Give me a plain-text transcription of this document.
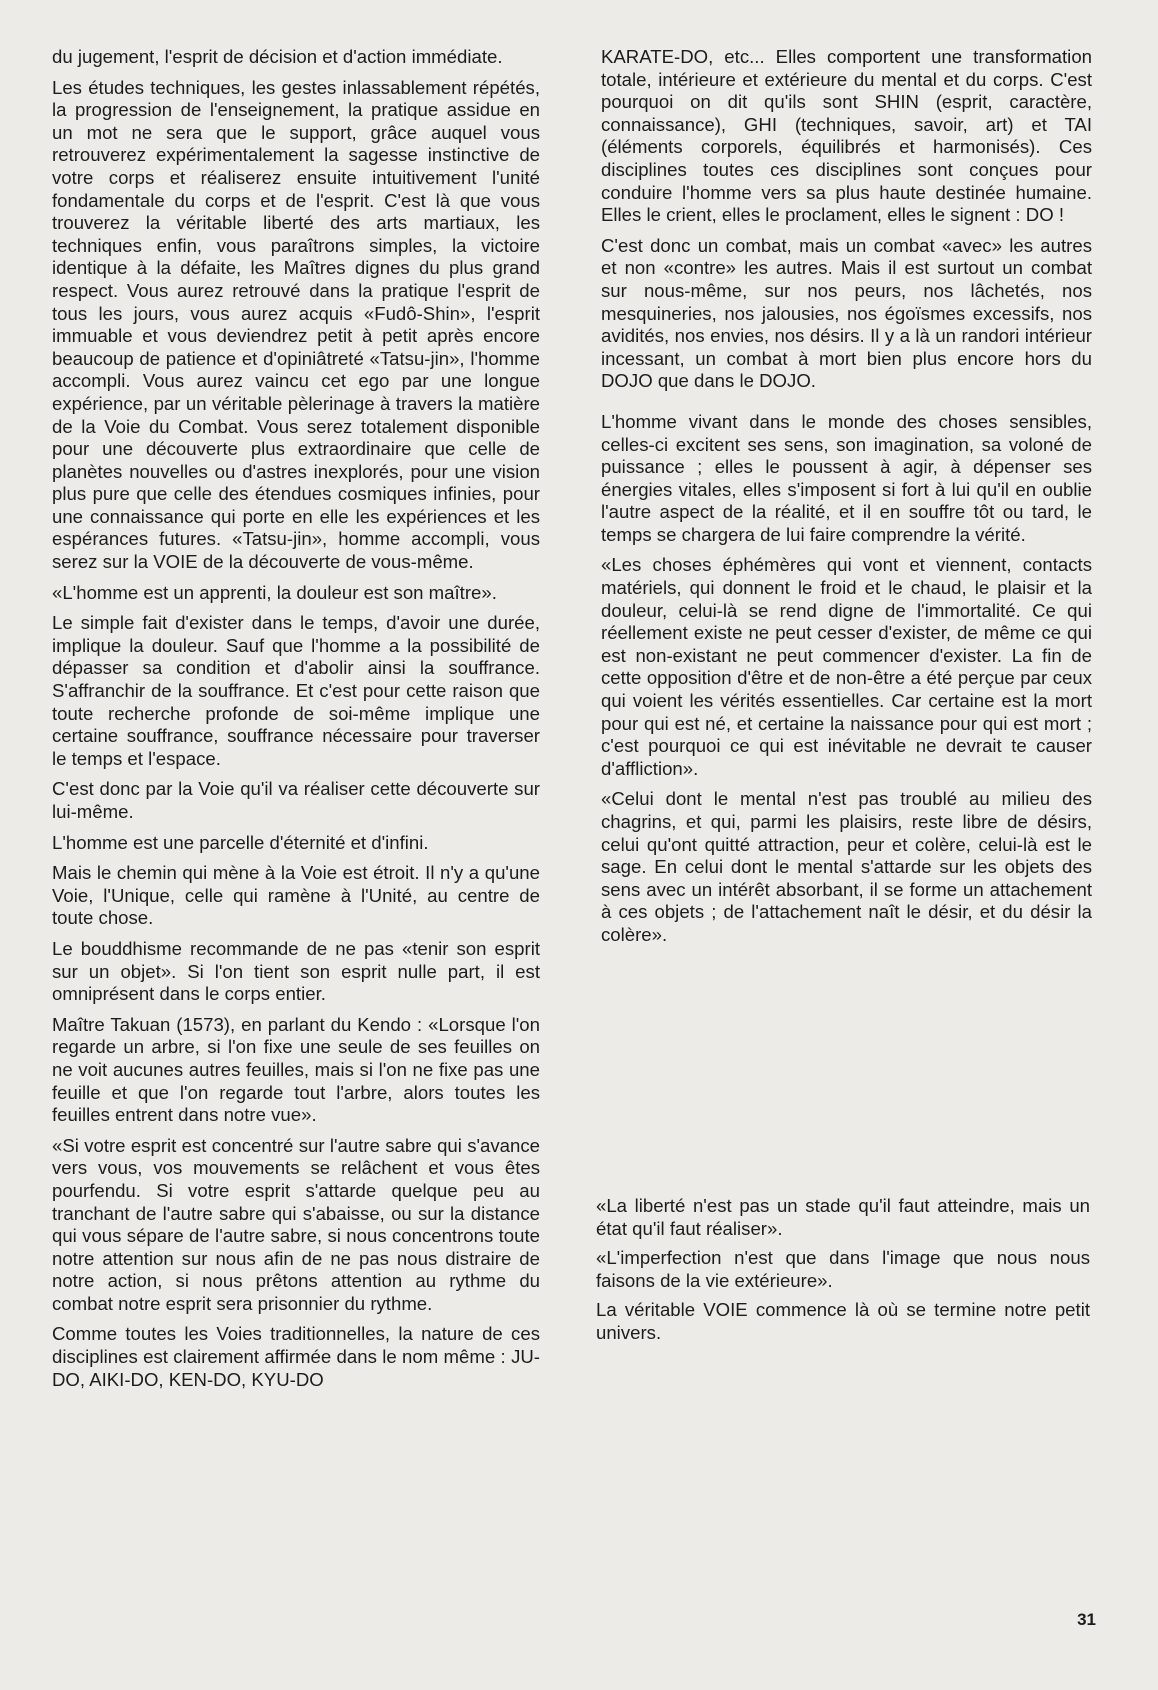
du jugement, l'esprit de décision et d'action immédiate.

Les études techniques, les gestes inlassablement répétés, la progression de l'enseignement, la pratique assidue en un mot ne sera que le support, grâce auquel vous retrouverez expérimentalement la sagesse instinctive de votre corps et réaliserez ensuite intuitivement l'unité fondamentale du corps et de l'esprit. C'est là que vous trouverez la véritable liberté des arts martiaux, les techniques enfin, vous paraîtrons simples, la victoire identique à la défaite, les Maîtres dignes du plus grand respect. Vous aurez retrouvé dans la pratique l'esprit de tous les jours, vous aurez acquis «Fudô-Shin», l'esprit immuable et vous deviendrez petit à petit après encore beaucoup de patience et d'opiniâtreté «Tatsu-jin», l'homme accompli. Vous aurez vaincu cet ego par une longue expérience, par un véritable pèlerinage à travers la matière de la Voie du Combat. Vous serez totalement disponible pour une découverte plus extraordinaire que celle de planètes nouvelles ou d'astres inexplorés, pour une vision plus pure que celle des étendues cosmiques infinies, pour une connaissance qui porte en elle les expériences et les espérances futures. «Tatsu-jin», homme accompli, vous serez sur la VOIE de la découverte de vous-même.

«L'homme est un apprenti, la douleur est son maître».

Le simple fait d'exister dans le temps, d'avoir une durée, implique la douleur. Sauf que l'homme a la possibilité de dépasser sa condition et d'abolir ainsi la souffrance. S'affranchir de la souffrance. Et c'est pour cette raison que toute recherche profonde de soi-même implique une certaine souffrance, souffrance nécessaire pour traverser le temps et l'espace.

C'est donc par la Voie qu'il va réaliser cette découverte sur lui-même.

L'homme est une parcelle d'éternité et d'infini.

Mais le chemin qui mène à la Voie est étroit. Il n'y a qu'une Voie, l'Unique, celle qui ramène à l'Unité, au centre de toute chose.

Le bouddhisme recommande de ne pas «tenir son esprit sur un objet». Si l'on tient son esprit nulle part, il est omniprésent dans le corps entier.

Maître Takuan (1573), en parlant du Kendo : «Lorsque l'on regarde un arbre, si l'on fixe une seule de ses feuilles on ne voit aucunes autres feuilles, mais si l'on ne fixe pas une feuille et que l'on regarde tout l'arbre, alors toutes les feuilles entrent dans notre vue».

«Si votre esprit est concentré sur l'autre sabre qui s'avance vers vous, vos mouvements se relâchent et vous êtes pourfendu. Si votre esprit s'attarde quelque peu au tranchant de l'autre sabre qui s'abaisse, ou sur la distance qui vous sépare de l'autre sabre, si nous concentrons toute notre attention sur nous afin de ne pas nous distraire de notre action, si nous prêtons attention au rythme du combat notre esprit sera prisonnier du rythme.

Comme toutes les Voies traditionnelles, la nature de ces disciplines est clairement affirmée dans le nom même : JU-DO, AIKI-DO, KEN-DO, KYU-DO

KARATE-DO, etc... Elles comportent une transformation totale, intérieure et extérieure du mental et du corps. C'est pourquoi on dit qu'ils sont SHIN (esprit, caractère, connaissance), GHI (techniques, savoir, art) et TAI (éléments corporels, équilibrés et harmonisés). Ces disciplines toutes ces disciplines sont conçues pour conduire l'homme vers sa plus haute destinée humaine. Elles le crient, elles le proclament, elles le signent : DO !

C'est donc un combat, mais un combat «avec» les autres et non «contre» les autres. Mais il est surtout un combat sur nous-même, sur nos peurs, nos lâchetés, nos mesquineries, nos jalousies, nos égoïsmes excessifs, nos avidités, nos envies, nos désirs. Il y a là un randori intérieur incessant, un combat à mort bien plus encore hors du DOJO que dans le DOJO.

L'homme vivant dans le monde des choses sensibles, celles-ci excitent ses sens, son imagination, sa voloné de puissance ; elles le poussent à agir, à dépenser ses énergies vitales, elles s'imposent si fort à lui qu'il en oublie l'autre aspect de la réalité, et il en souffre tôt ou tard, le temps se chargera de lui faire comprendre la vérité.

«Les choses éphémères qui vont et viennent, contacts matériels, qui donnent le froid et le chaud, le plaisir et la douleur, celui-là se rend digne de l'immortalité. Ce qui réellement existe ne peut cesser d'exister, de même ce qui est non-existant ne peut commencer d'exister. La fin de cette opposition d'être et de non-être a été perçue par ceux qui voient les vérités essentielles. Car certaine est la mort pour qui est né, et certaine la naissance pour qui est mort ; c'est pourquoi ce qui est inévitable ne devrait te causer d'affliction».

«Celui dont le mental n'est pas troublé au milieu des chagrins, et qui, parmi les plaisirs, reste libre de désirs, celui qu'ont quitté attraction, peur et colère, celui-là est le sage. En celui dont le mental s'attarde sur les objets des sens avec un intérêt absorbant, il se forme un attachement à ces objets ; de l'attachement naît le désir, et du désir la colère».

«La liberté n'est pas un stade qu'il faut atteindre, mais un état qu'il faut réaliser».

«L'imperfection n'est que dans l'image que nous nous faisons de la vie extérieure».

La véritable VOIE commence là où se termine notre petit univers.

31
